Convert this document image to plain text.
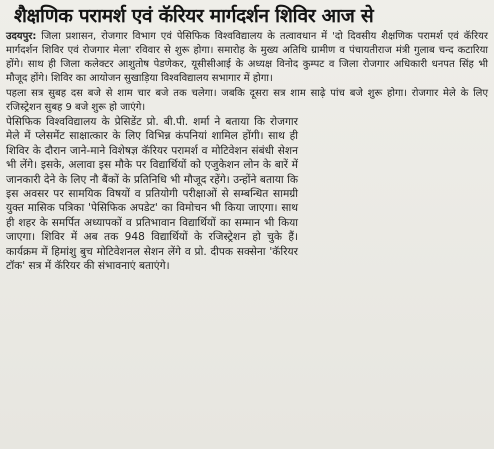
शैक्षणिक परामर्श एवं कॅरियर मार्गदर्शन शिविर आज से

उदयपुर: जिला प्रशासन, रोजगार विभाग एवं पेसिफिक विश्वविद्यालय के तत्वावधान में 'दो दिवसीय शैक्षणिक परामर्श एवं कॅरियर मार्गदर्शन शिविर एवं रोजगार मेला' रविवार से शुरू होगा। समारोह के मुख्य अतिथि ग्रामीण व पंचायतीराज मंत्री गुलाब चन्द कटारिया होंगे। साथ ही जिला कलेक्टर आशुतोष पेडणेकर, यूसीसीआई के अध्यक्ष विनोद कुम्पट व जिला रोजगार अधिकारी धनपत सिंह भी मौजूद होंगे। शिविर का आयोजन सुखाड़िया विश्वविद्यालय सभागार में होगा।

पहला सत्र सुबह दस बजे से शाम चार बजे तक चलेगा। जबकि दूसरा सत्र शाम साढ़े पांच बजे शुरू होगा। रोजगार मेले के लिए रजिस्ट्रेशन सुबह 9 बजे शुरू हो जाएंगे।

पेसिफिक विश्वविद्यालय के प्रेसिडेंट प्रो. बी.पी. शर्मा ने बताया कि रोजगार मेले में प्लेसमेंट साक्षात्कार के लिए विभिन्न कंपनियां शामिल होंगी। साथ ही शिविर के दौरान जाने-माने विशेषज्ञ कॅरियर परामर्श व मोटिवेशन संबंधी सेशन भी लेंगे। इसके, अलावा इस मौके पर विद्यार्थियों को एजुकेशन लोन के बारें में जानकारी देने के लिए नौ बैंकों के प्रतिनिधि भी मौजूद रहेंगे। उन्होंने बताया कि इस अवसर पर सामयिक विषयों व प्रतियोगी परीक्षाओं से सम्बन्धित सामग्री युक्त मासिक पत्रिका 'पेसिफिक अपडेट' का विमोचन भी किया जाएगा। साथ ही शहर के समर्पित अध्यापकों व प्रतिभावान विद्यार्थियों का सम्मान भी किया जाएगा। शिविर में अब तक 948 विद्यार्थियों के रजिस्ट्रेशन हो चुके हैं। कार्यक्रम में हिमांशु बुच मोटिवेशनल सेशन लेंगे व प्रो. दीपक सक्सेना 'कॅरियर टॉक' सत्र में कॅरियर की संभावनाएं बताएंगे।
